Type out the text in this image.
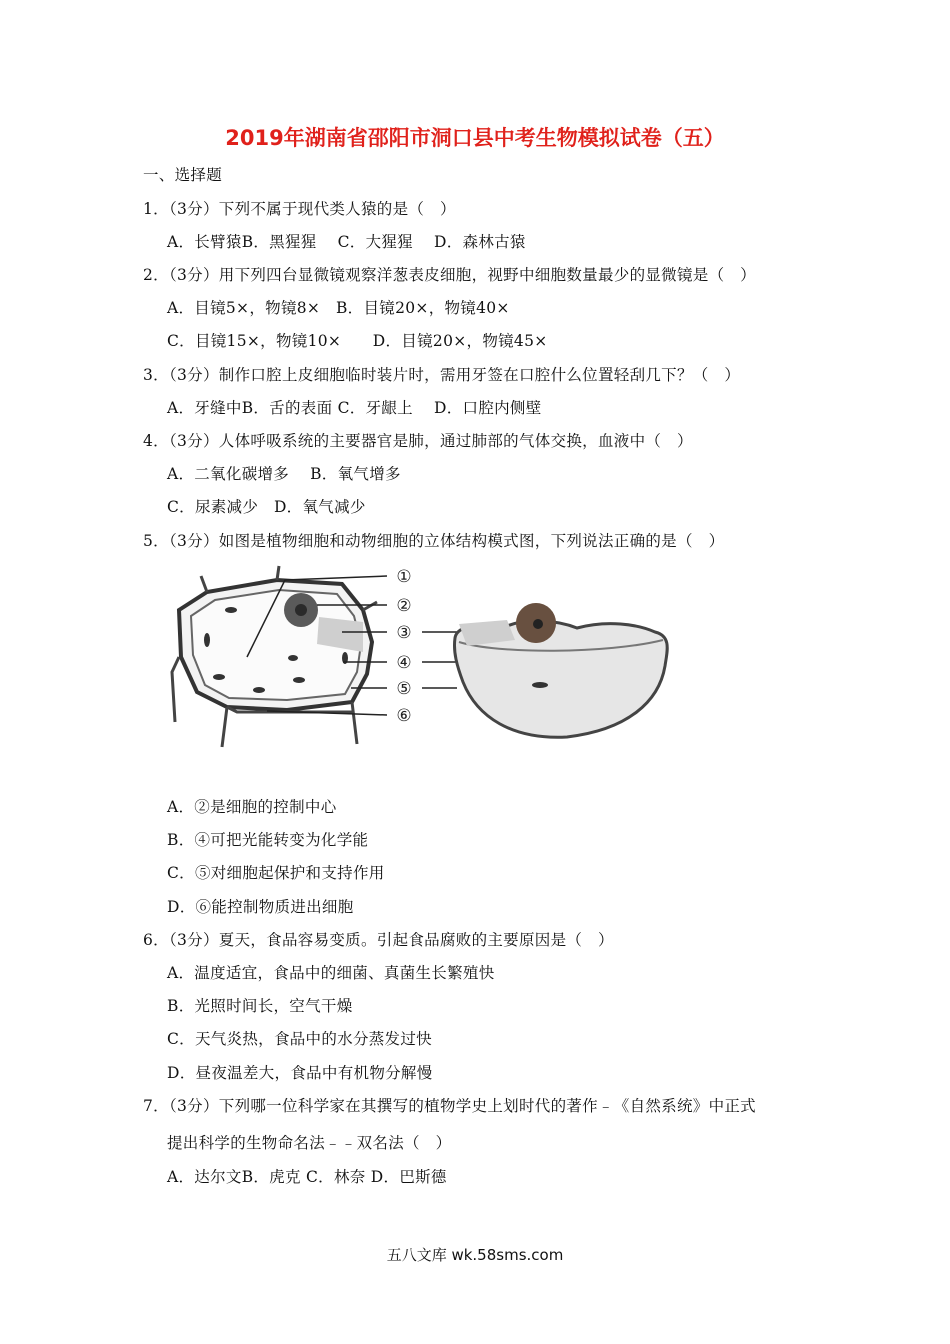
2019年湖南省邵阳市洞口县中考生物模拟试卷（五）
一、选择题
1．（3分）下列不属于现代类人猿的是（　）
A．长臂猿B．黑猩猩　 C．大猩猩　 D．森林古猿
2．（3分）用下列四台显微镜观察洋葱表皮细胞，视野中细胞数量最少的显微镜是（　）
A．目镜5×，物镜8×　B．目镜20×，物镜40×
C．目镜15×，物镜10×　　D．目镜20×，物镜45×
3．（3分）制作口腔上皮细胞临时装片时，需用牙签在口腔什么位置轻刮几下？（　）
A．牙缝中B．舌的表面 C．牙龈上　 D．口腔内侧壁
4．（3分）人体呼吸系统的主要器官是肺，通过肺部的气体交换，血液中（　）
A．二氧化碳增多　 B．氧气增多
C．尿素减少　D．氧气减少
5．（3分）如图是植物细胞和动物细胞的立体结构模式图，下列说法正确的是（　）
①
②
③
④
⑤
⑥
A．②是细胞的控制中心
B．④可把光能转变为化学能
C．⑤对细胞起保护和支持作用
D．⑥能控制物质进出细胞
6．（3分）夏天，食品容易变质。引起食品腐败的主要原因是（　）
A．温度适宜，食品中的细菌、真菌生长繁殖快
B．光照时间长，空气干燥
C．天气炎热，食品中的水分蒸发过快
D．昼夜温差大，食品中有机物分解慢
7．（3分）下列哪一位科学家在其撰写的植物学史上划时代的著作﹣《自然系统》中正式
提出科学的生物命名法﹣﹣双名法（　）
A．达尔文B．虎克 C．林奈 D．巴斯德
五八文库 wk.58sms.com
